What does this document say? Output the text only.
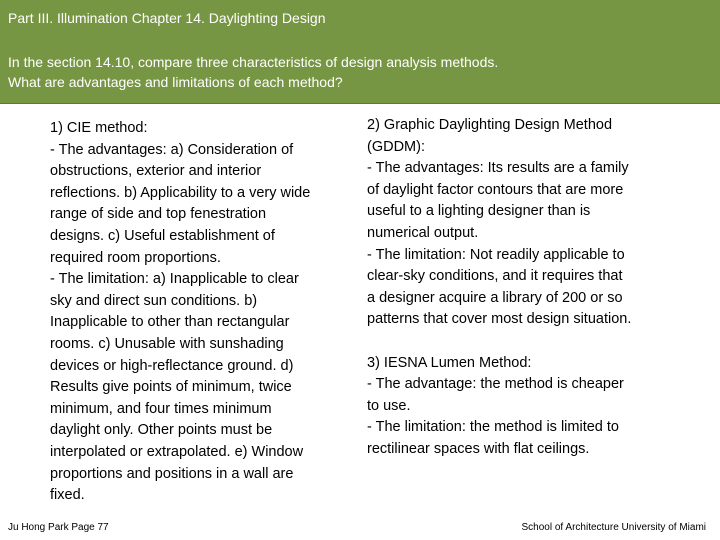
Part III. Illumination Chapter 14. Daylighting Design
In the section 14.10, compare three characteristics of design analysis methods.
What are advantages and limitations of each method?
1) CIE method:
- The advantages: a) Consideration of
obstructions, exterior and interior
reflections. b) Applicability to a very wide
range of side and top fenestration
designs. c) Useful establishment of
required room proportions.
- The limitation: a) Inapplicable to clear
sky and direct sun conditions. b)
Inapplicable to other than rectangular
rooms. c) Unusable with sunshading
devices or high-reflectance ground. d)
Results give points of minimum, twice
minimum, and four times minimum
daylight only. Other points must be
interpolated or extrapolated. e) Window
proportions and positions in a wall are
fixed.
2) Graphic Daylighting Design Method
(GDDM):
- The advantages: Its results are a family
of daylight factor contours that are more
useful to a lighting designer than is
numerical output.
- The limitation: Not readily applicable to
clear-sky conditions, and it requires that
a designer acquire a library of 200 or so
patterns that cover most design situation.
3) IESNA Lumen Method:
- The advantage: the method is cheaper
to use.
- The limitation: the method is limited to
rectilinear spaces with flat ceilings.
Ju Hong Park Page 77	School of Architecture University of Miami
